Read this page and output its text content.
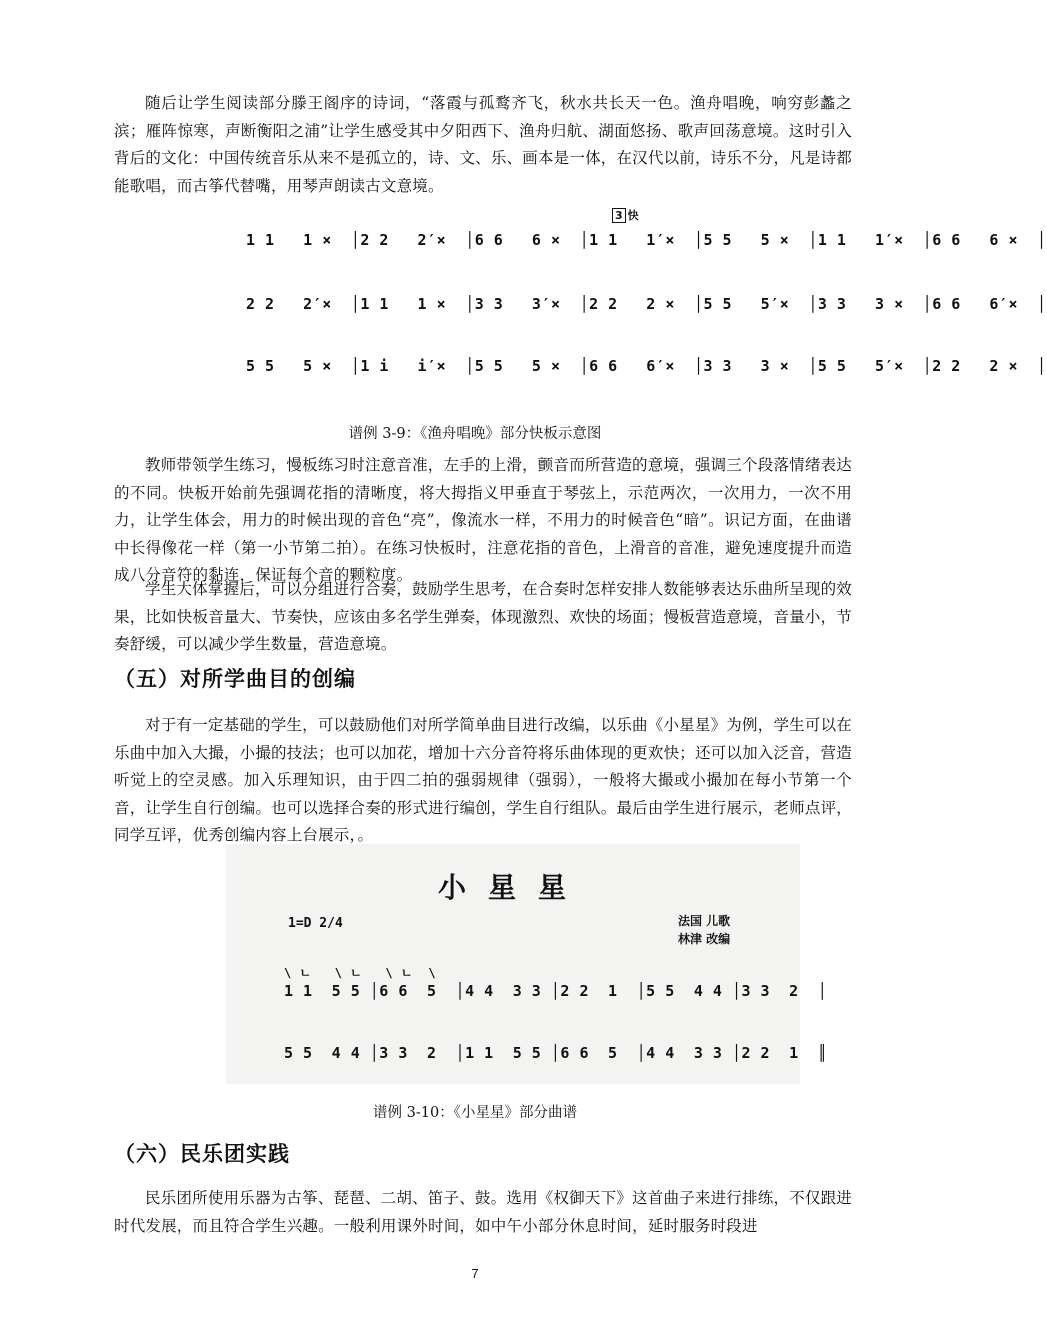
随后让学生阅读部分滕王阁序的诗词，“落霞与孤鹜齐飞，秋水共长天一色。渔舟唱晚，响穷彭蠡之滨；雁阵惊寒，声断衡阳之浦”让学生感受其中夕阳西下、渔舟归航、湖面悠扬、歌声回荡意境。这时引入背后的文化：中国传统音乐从来不是孤立的，诗、文、乐、画本是一体，在汉代以前，诗乐不分，凡是诗都能歌唱，而古筝代替嘴，用琴声朗读古文意境。

3 快
1 1   1 ×  │2 2   2′×  │6 6   6 ×  │1 1   1′×  │5 5   5 ×  │1 1   1′×  │6 6   6 ×  │
2 2   2′×  │1 1   1 ×  │3 3   3′×  │2 2   2 ×  │5 5   5′×  │3 3   3 ×  │6 6   6′×  │
5 5   5 ×  │1 i   i′×  │5 5   5 ×  │6 6   6′×  │3 3   3 ×  │5 5   5′×  │2 2   2 ×  │
谱例 3-9：《渔舟唱晚》部分快板示意图

教师带领学生练习，慢板练习时注意音准，左手的上滑，颤音而所营造的意境，强调三个段落情绪表达的不同。快板开始前先强调花指的清晰度，将大拇指义甲垂直于琴弦上，示范两次，一次用力，一次不用力，让学生体会，用力的时候出现的音色“亮”，像流水一样，不用力的时候音色“暗”。识记方面，在曲谱中长得像花一样（第一小节第二拍）。在练习快板时，注意花指的音色，上滑音的音准，避免速度提升而造成八分音符的黏连，保证每个音的颗粒度。

学生大体掌握后，可以分组进行合奏，鼓励学生思考，在合奏时怎样安排人数能够表达乐曲所呈现的效果，比如快板音量大、节奏快，应该由多名学生弹奏，体现激烈、欢快的场面；慢板营造意境，音量小，节奏舒缓，可以减少学生数量，营造意境。

（五）对所学曲目的创编

对于有一定基础的学生，可以鼓励他们对所学简单曲目进行改编，以乐曲《小星星》为例，学生可以在乐曲中加入大撮，小撮的技法；也可以加花，增加十六分音符将乐曲体现的更欢快；还可以加入泛音，营造听觉上的空灵感。加入乐理知识，由于四二拍的强弱规律（强弱），一般将大撮或小撮加在每小节第一个音，让学生自行创编。也可以选择合奏的形式进行编创，学生自行组队。最后由学生进行展示，老师点评，同学互评，优秀创编内容上台展示，。

小星星
1=D 2/4	法国 儿歌
林津 改编
\ ㄴ   \ ㄴ   \ ㄴ  \
1 1  5 5 │6 6  5  │4 4  3 3 │2 2  1  │5 5  4 4 │3 3  2  │
5 5  4 4 │3 3  2  │1 1  5 5 │6 6  5  │4 4  3 3 │2 2  1  ║
谱例 3-10：《小星星》部分曲谱
（六）民乐团实践

民乐团所使用乐器为古筝、琵琶、二胡、笛子、鼓。选用《权御天下》这首曲子来进行排练，不仅跟进时代发展，而且符合学生兴趣。一般利用课外时间，如中午小部分休息时间，延时服务时段进

7
